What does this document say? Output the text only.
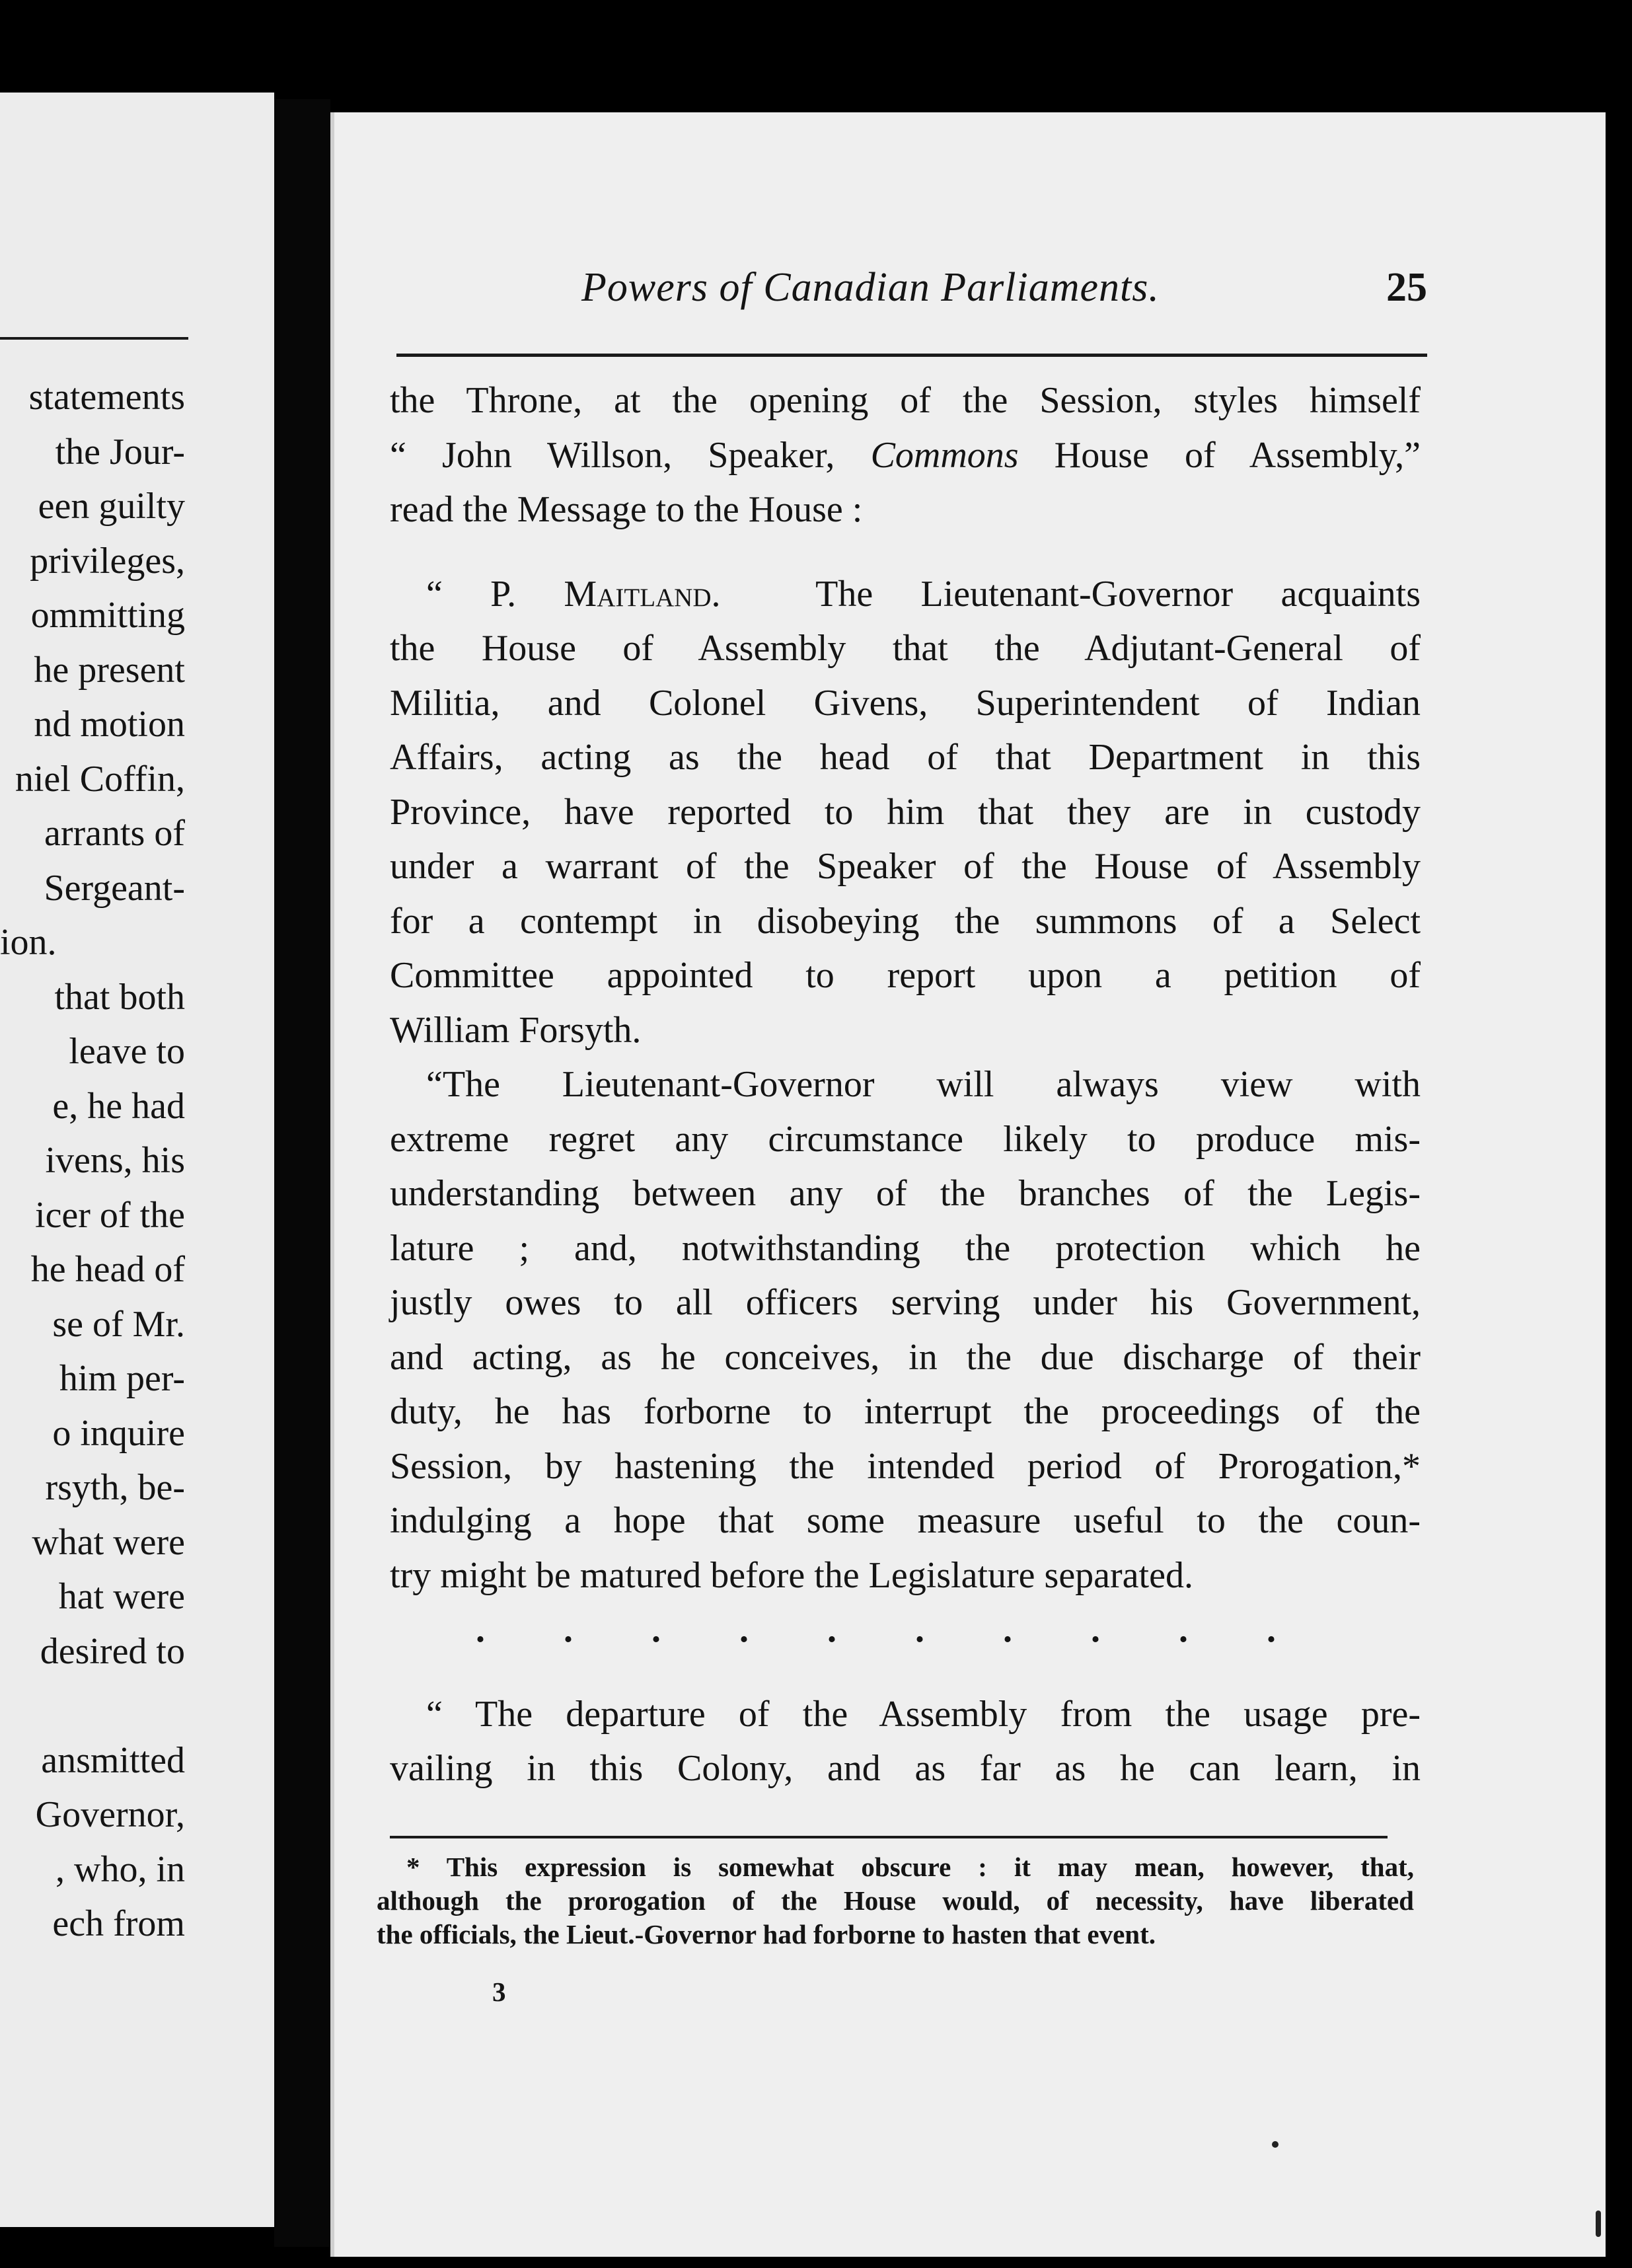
statements
the Jour-
een guilty
privileges,
ommitting
he present
nd motion
niel Coffin,
arrants of
Sergeant-
ion.
that both
leave to
e, he had
ivens, his
icer of the
he head of
se of Mr.
him per-
o inquire
rsyth, be-
what were
hat were
desired to
ansmitted
Governor,
, who, in
ech from
Powers of Canadian Parliaments.	25
the Throne, at the opening of the Session, styles himself
“ John Willson, Speaker, Commons House of Assembly,”
read the Message to the House :
“ P. Maitland.	The Lieutenant-Governor acquaints
the House of Assembly that the Adjutant-General of
Militia, and Colonel Givens, Superintendent of Indian
Affairs, acting as the head of that Department in this
Province, have reported to him that they are in custody
under a warrant of the Speaker of the House of Assembly
for a contempt in disobeying the summons of a Select
Committee appointed to report upon a petition of
William Forsyth.
“The Lieutenant-Governor will always view with
extreme regret any circumstance likely to produce mis-
understanding between any of the branches of the Legis-
lature ; and, notwithstanding the protection which he
justly owes to all officers serving under his Government,
and acting, as he conceives, in the due discharge of their
duty, he has forborne to interrupt the proceedings of the
Session, by hastening the intended period of Prorogation,*
indulging a hope that some measure useful to the coun-
try might be matured before the Legislature separated.
. . . . . . . . . .
“ The departure of the Assembly from the usage pre-
vailing in this Colony, and as far as he can learn, in
* This expression is somewhat obscure : it may mean, however, that,
although the prorogation of the House would, of necessity, have liberated
the officials, the Lieut.-Governor had forborne to hasten that event.
3
